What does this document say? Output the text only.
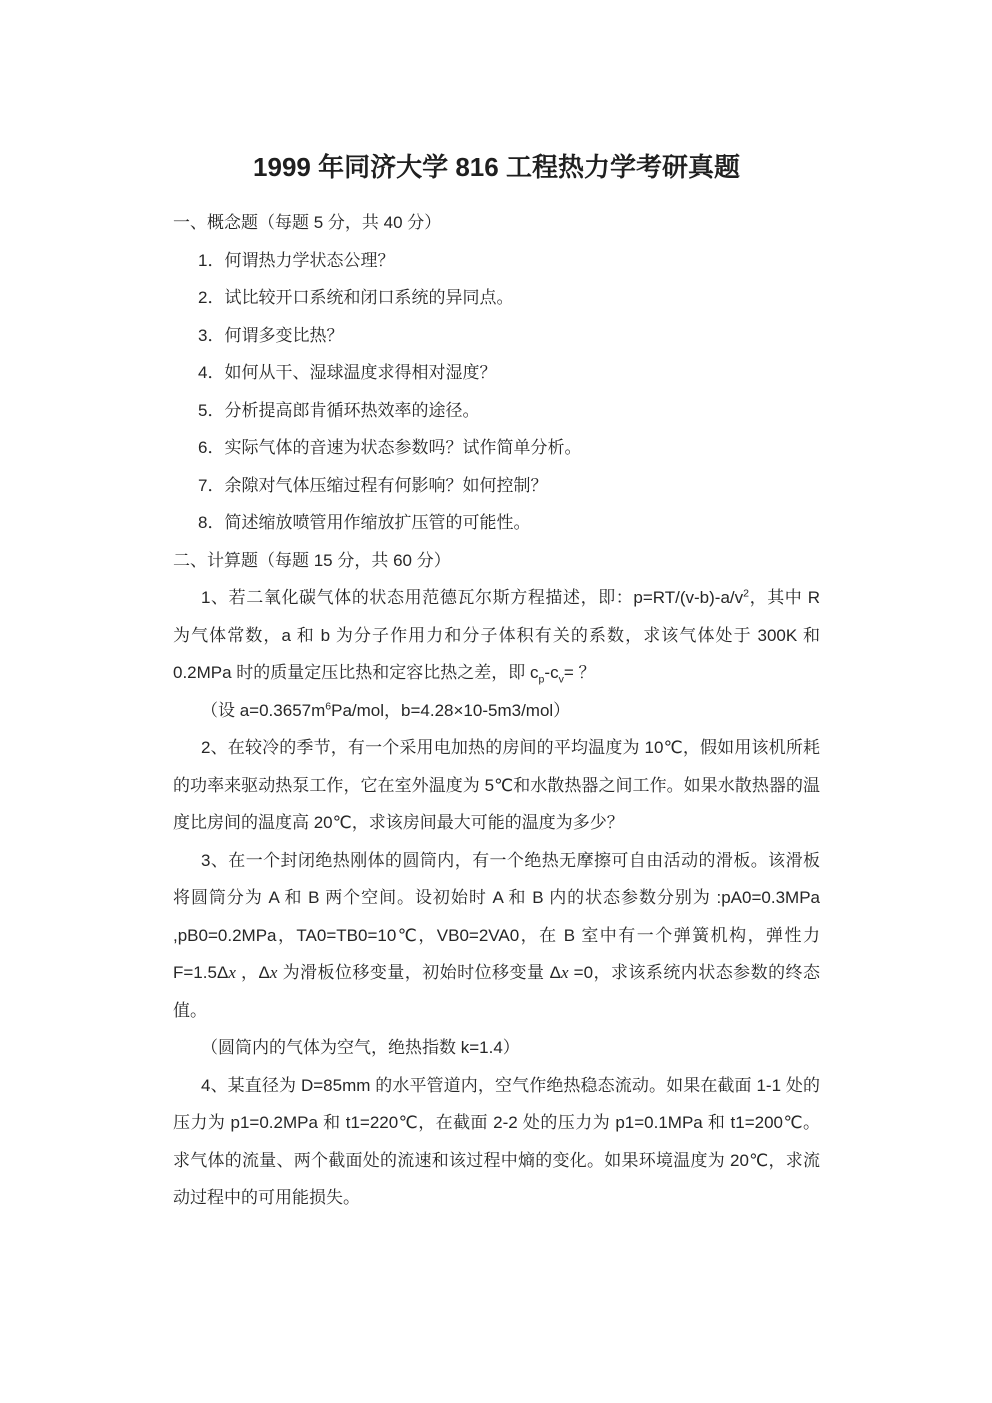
1999 年同济大学 816 工程热力学考研真题
一、概念题（每题 5 分，共 40 分）

1．何谓热力学状态公理？

2．试比较开口系统和闭口系统的异同点。

3．何谓多变比热？

4．如何从干、湿球温度求得相对湿度？

5．分析提高郎肯循环热效率的途径。

6．实际气体的音速为状态参数吗？试作简单分析。

7．余隙对气体压缩过程有何影响？如何控制？

8．简述缩放喷管用作缩放扩压管的可能性。

二、计算题（每题 15 分，共 60 分）

1、若二氧化碳气体的状态用范德瓦尔斯方程描述，即：$p=RT/(v-b)-a/v^2$，其中 R 为气体常数，a 和 b 为分子作用力和分子体积有关的系数，求该气体处于 300K 和 0.2MPa 时的质量定压比热和定容比热之差，即 $c_p-c_v=$ ？

（设 $a=0.3657m^6Pa$/mol，b=4.28×10-5m3/mol）

2、在较冷的季节，有一个采用电加热的房间的平均温度为 10℃，假如用该机所耗的功率来驱动热泵工作，它在室外温度为 5℃和水散热器之间工作。如果水散热器的温度比房间的温度高 20℃，求该房间最大可能的温度为多少？

3、在一个封闭绝热刚体的圆筒内，有一个绝热无摩擦可自由活动的滑板。该滑板将圆筒分为 A 和 B 两个空间。设初始时 A 和 B 内的状态参数分别为 :pA0=0.3MPa ,pB0=0.2MPa，TA0=TB0=10℃，VB0=2VA0，在 B 室中有一个弹簧机构，弹性力 F=1.5Δx ，Δx 为滑板位移变量，初始时位移变量 Δx =0，求该系统内状态参数的终态值。

（圆筒内的气体为空气，绝热指数 k=1.4）

4、某直径为 D=85mm 的水平管道内，空气作绝热稳态流动。如果在截面 1-1 处的压力为 p1=0.2MPa 和 t1=220℃，在截面 2-2 处的压力为 p1=0.1MPa 和 t1=200℃。求气体的流量、两个截面处的流速和该过程中熵的变化。如果环境温度为 20℃，求流动过程中的可用能损失。
